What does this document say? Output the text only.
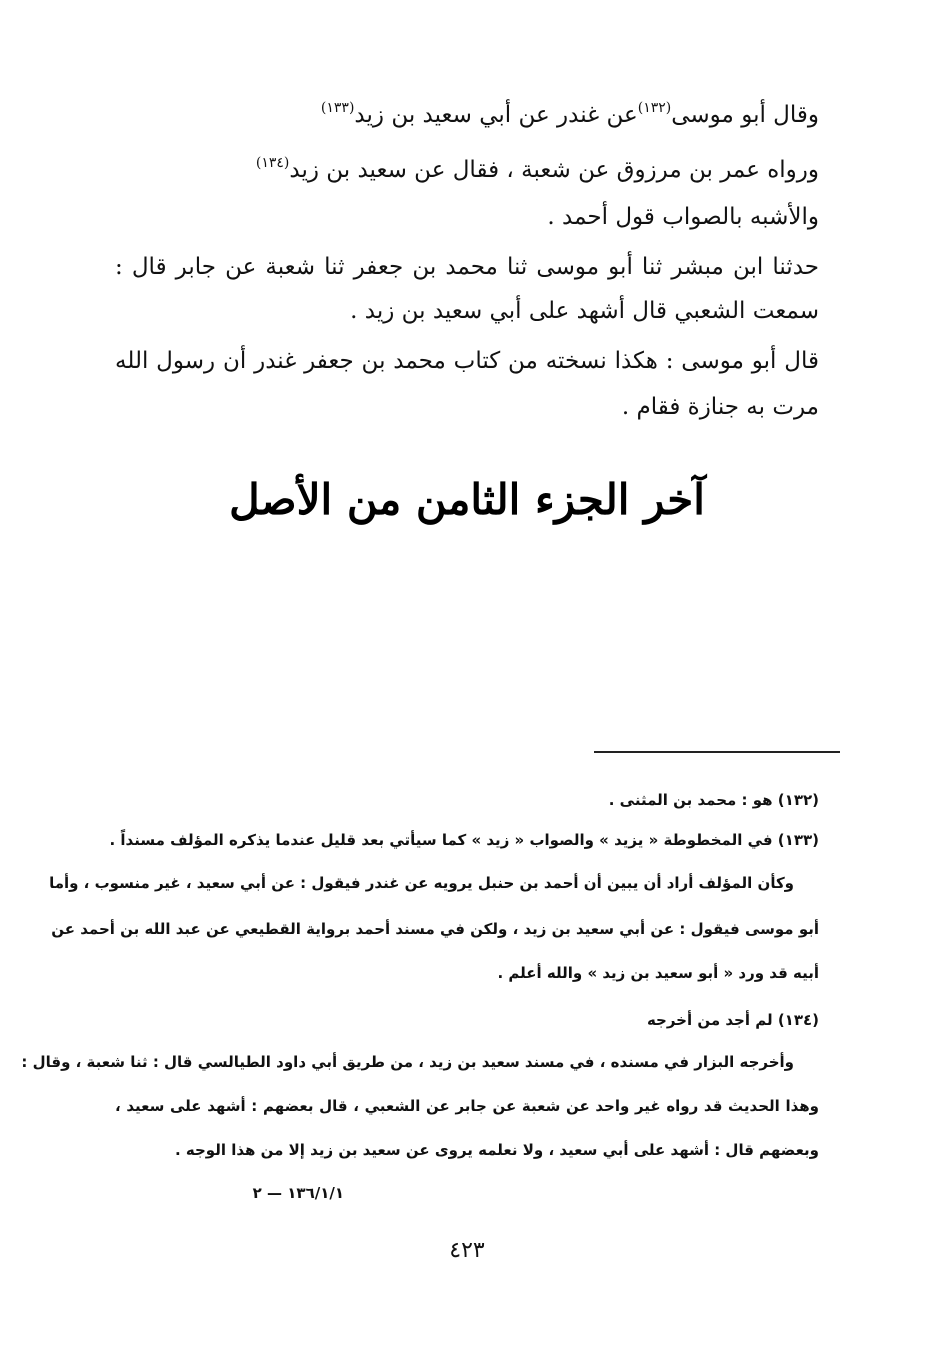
وقال أبو موسى$^{(١٣٢)}$عن غندر عن أبي سعيد بن زيد$^{(١٣٣)}$
ورواه عمر بن مرزوق عن شعبة ، فقال عن سعيد بن زيد$^{(١٣٤)}$
والأشبه بالصواب قول أحمد .
حدثنا ابن مبشر ثنا أبو موسى ثنا محمد بن جعفر ثنا شعبة عن جابر قال :
سمعت الشعبي قال أشهد على أبي سعيد بن زيد .
قال أبو موسى : هكذا نسخته من كتاب محمد بن جعفر غندر أن رسول الله
مرت به جنازة فقام .
آخر الجزء الثامن من الأصل
(١٣٢) هو : محمد بن المثنى .
(١٣٣) في المخطوطة « يزيد » والصواب « زيد » كما سيأتي بعد قليل عندما يذكره المؤلف مسنداً .
وكأن المؤلف أراد أن يبين أن أحمد بن حنبل يرويه عن غندر فيقول : عن أبي سعيد ، غير منسوب ، وأما
أبو موسى فيقول : عن أبي سعيد بن زيد ، ولكن في مسند أحمد برواية القطيعي عن عبد الله بن أحمد عن
أبيه قد ورد « أبو سعيد بن زيد » والله أعلم .
(١٣٤) لم أجد من أخرجه
وأخرجه البزار في مسنده ، في مسند سعيد بن زيد ، من طريق أبي داود الطيالسي قال : ثنا شعبة ، وقال :
وهذا الحديث قد رواه غير واحد عن شعبة عن جابر عن الشعبي ، قال بعضهم : أشهد على سعيد ،
وبعضهم قال : أشهد على أبي سعيد ، ولا نعلمه يروى عن سعيد بن زيد إلا من هذا الوجه .
١٣٦/١/١ — ٢
٤٢٣
